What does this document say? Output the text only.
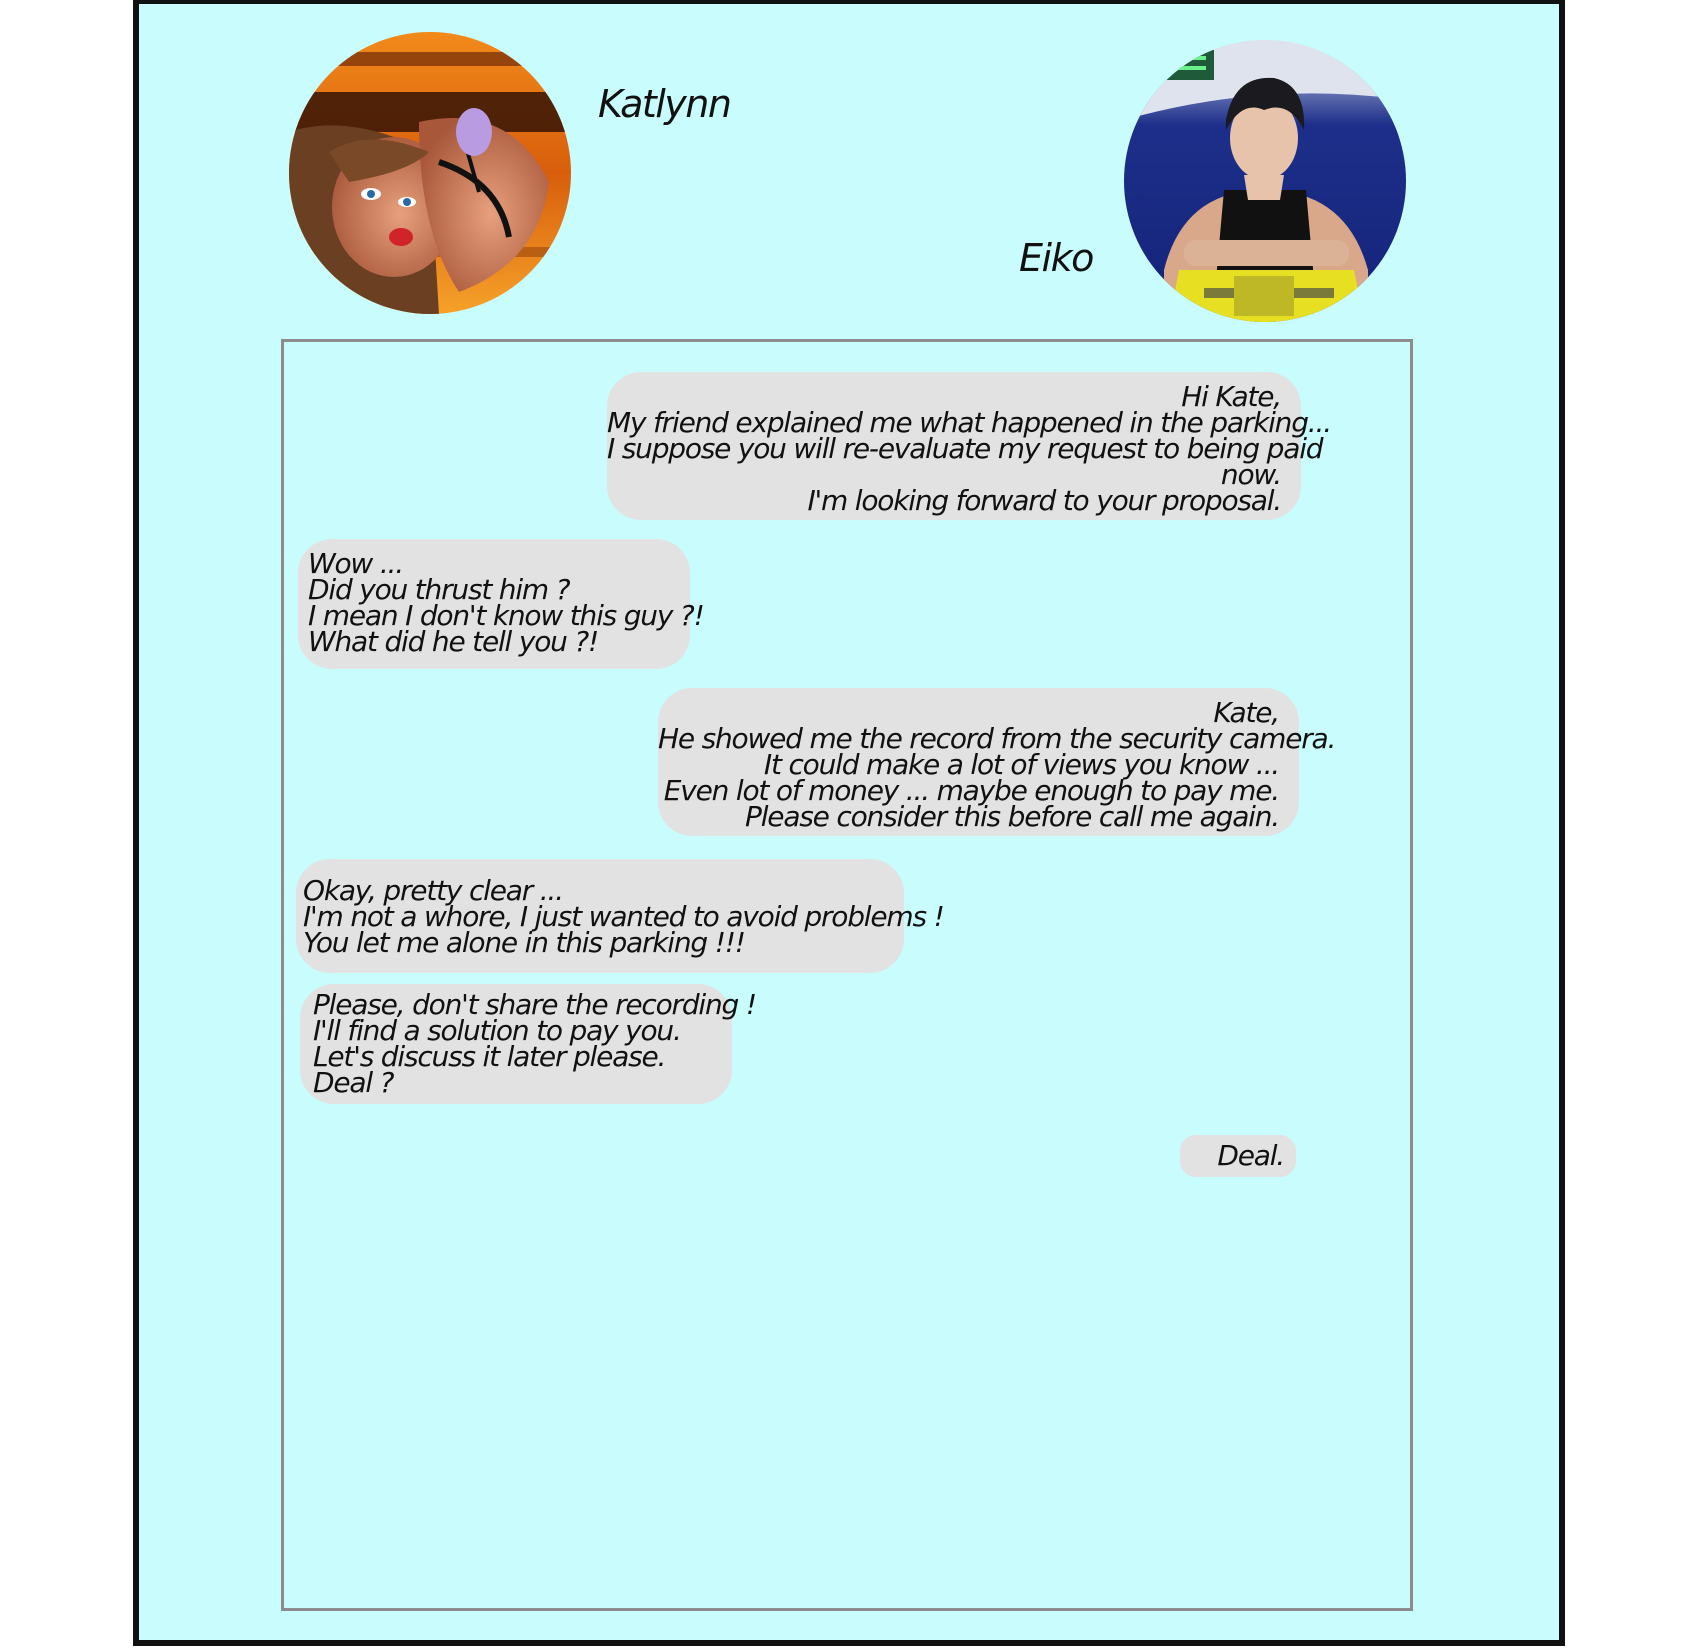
Katlynn
Eiko
Hi Kate,
My friend explained me what happened in the parking...
I suppose you will re-evaluate my request to being paid
now.
I'm looking forward to your proposal.
Wow ...
Did you thrust him ?
I mean I don't know this guy ?!
What did he tell you ?!
Kate,
He showed me the record from the security camera.
It could make a lot of views you know ...
Even lot of money ... maybe enough to pay me.
Please consider this before call me again.
Okay, pretty clear ...
I'm not a whore, I just wanted to avoid problems !
You let me alone in this parking !!!
Please, don't share the recording !
I'll find a solution to pay you.
Let's discuss it later please.
Deal ?
Deal.
